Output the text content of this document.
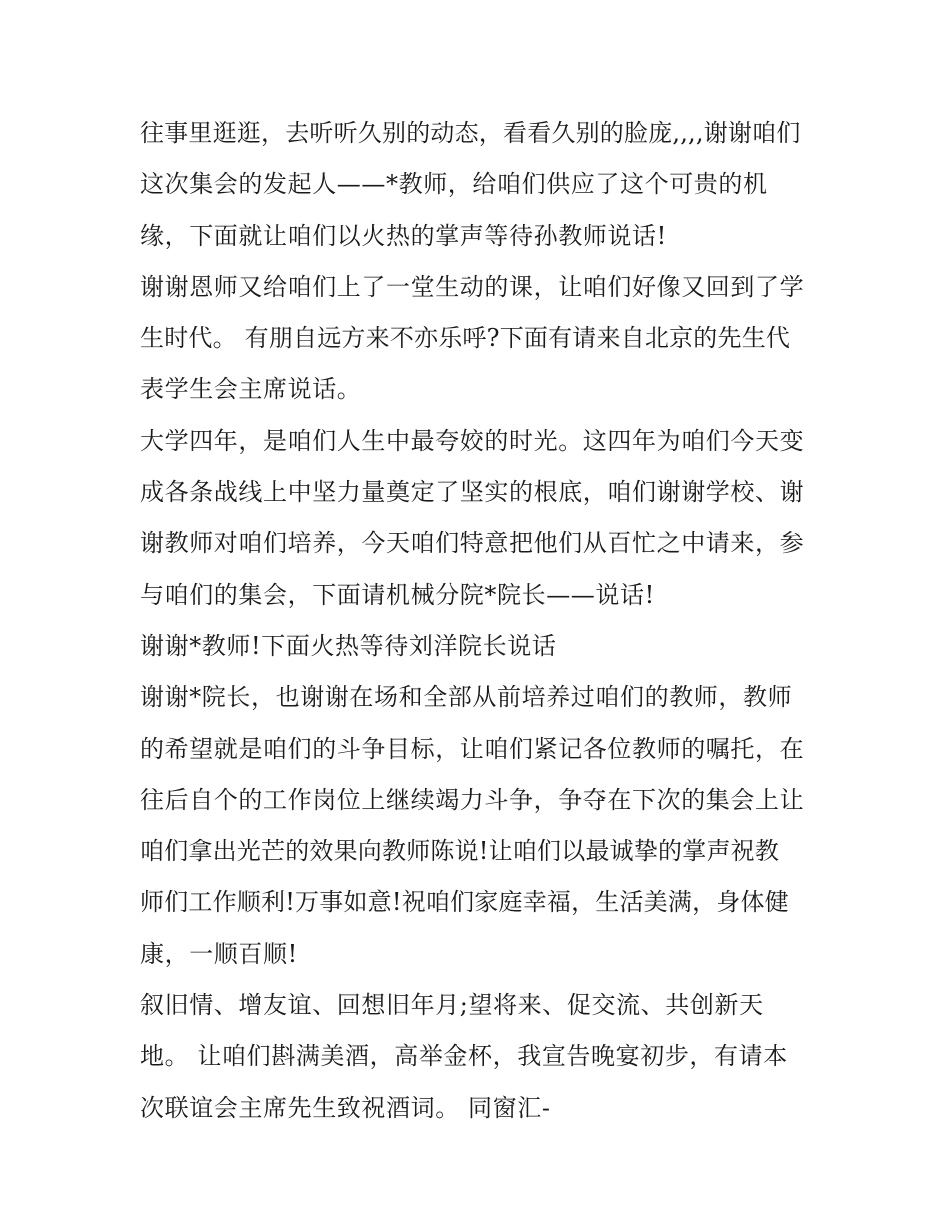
往事里逛逛，去听听久别的动态，看看久别的脸庞,,,,谢谢咱们
这次集会的发起人——*教师，给咱们供应了这个可贵的机
缘，下面就让咱们以火热的掌声等待孙教师说话!
谢谢恩师又给咱们上了一堂生动的课，让咱们好像又回到了学
生时代。 有朋自远方来不亦乐呼?下面有请来自北京的先生代
表学生会主席说话。
大学四年，是咱们人生中最夸姣的时光。这四年为咱们今天变
成各条战线上中坚力量奠定了坚实的根底，咱们谢谢学校、谢
谢教师对咱们培养，今天咱们特意把他们从百忙之中请来，参
与咱们的集会，下面请机械分院*院长——说话!
谢谢*教师!下面火热等待刘洋院长说话
谢谢*院长，也谢谢在场和全部从前培养过咱们的教师，教师
的希望就是咱们的斗争目标，让咱们紧记各位教师的嘱托，在
往后自个的工作岗位上继续竭力斗争，争夺在下次的集会上让
咱们拿出光芒的效果向教师陈说!让咱们以最诚挚的掌声祝教
师们工作顺利!万事如意!祝咱们家庭幸福，生活美满，身体健
康，一顺百顺!
叙旧情、增友谊、回想旧年月;望将来、促交流、共创新天
地。 让咱们斟满美酒，高举金杯，我宣告晚宴初步，有请本
次联谊会主席先生致祝酒词。 同窗汇-
